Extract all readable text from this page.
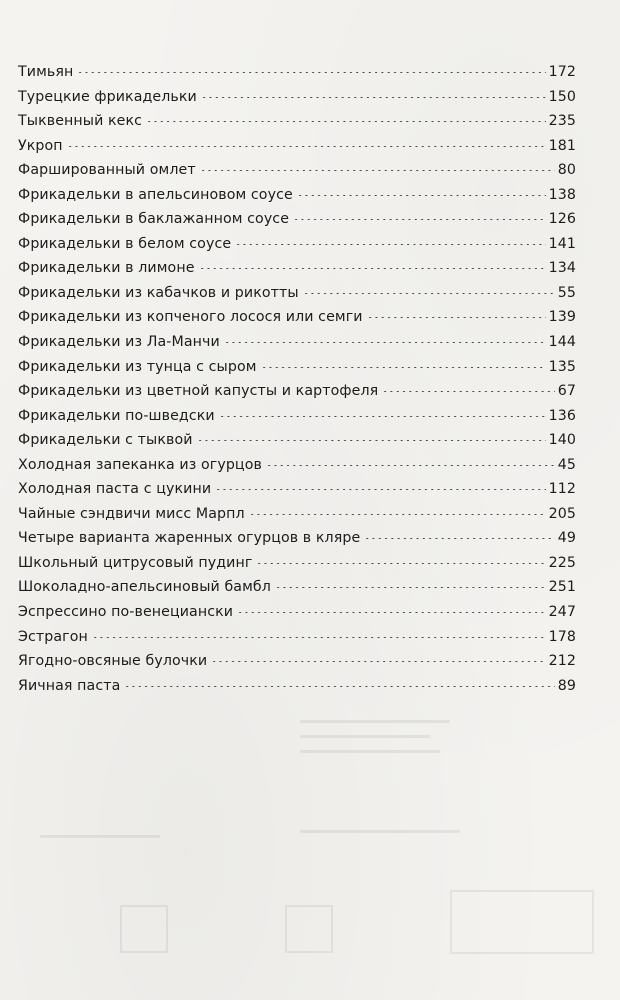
Тимьян	172
Турецкие фрикадельки	150
Тыквенный кекс	235
Укроп	181
Фаршированный омлет	80
Фрикадельки в апельсиновом соусе	138
Фрикадельки в баклажанном соусе	126
Фрикадельки в белом соусе	141
Фрикадельки в лимоне	134
Фрикадельки из кабачков и рикотты	55
Фрикадельки из копченого лосося или семги	139
Фрикадельки из Ла-Манчи	144
Фрикадельки из тунца с сыром	135
Фрикадельки из цветной капусты и картофеля	67
Фрикадельки по-шведски	136
Фрикадельки с тыквой	140
Холодная запеканка из огурцов	45
Холодная паста с цукини	112
Чайные сэндвичи мисс Марпл	205
Четыре варианта жаренных огурцов в кляре	49
Школьный цитрусовый пудинг	225
Шоколадно-апельсиновый бамбл	251
Эспрессино по-венециански	247
Эстрагон	178
Ягодно-овсяные булочки	212
Яичная паста	89
